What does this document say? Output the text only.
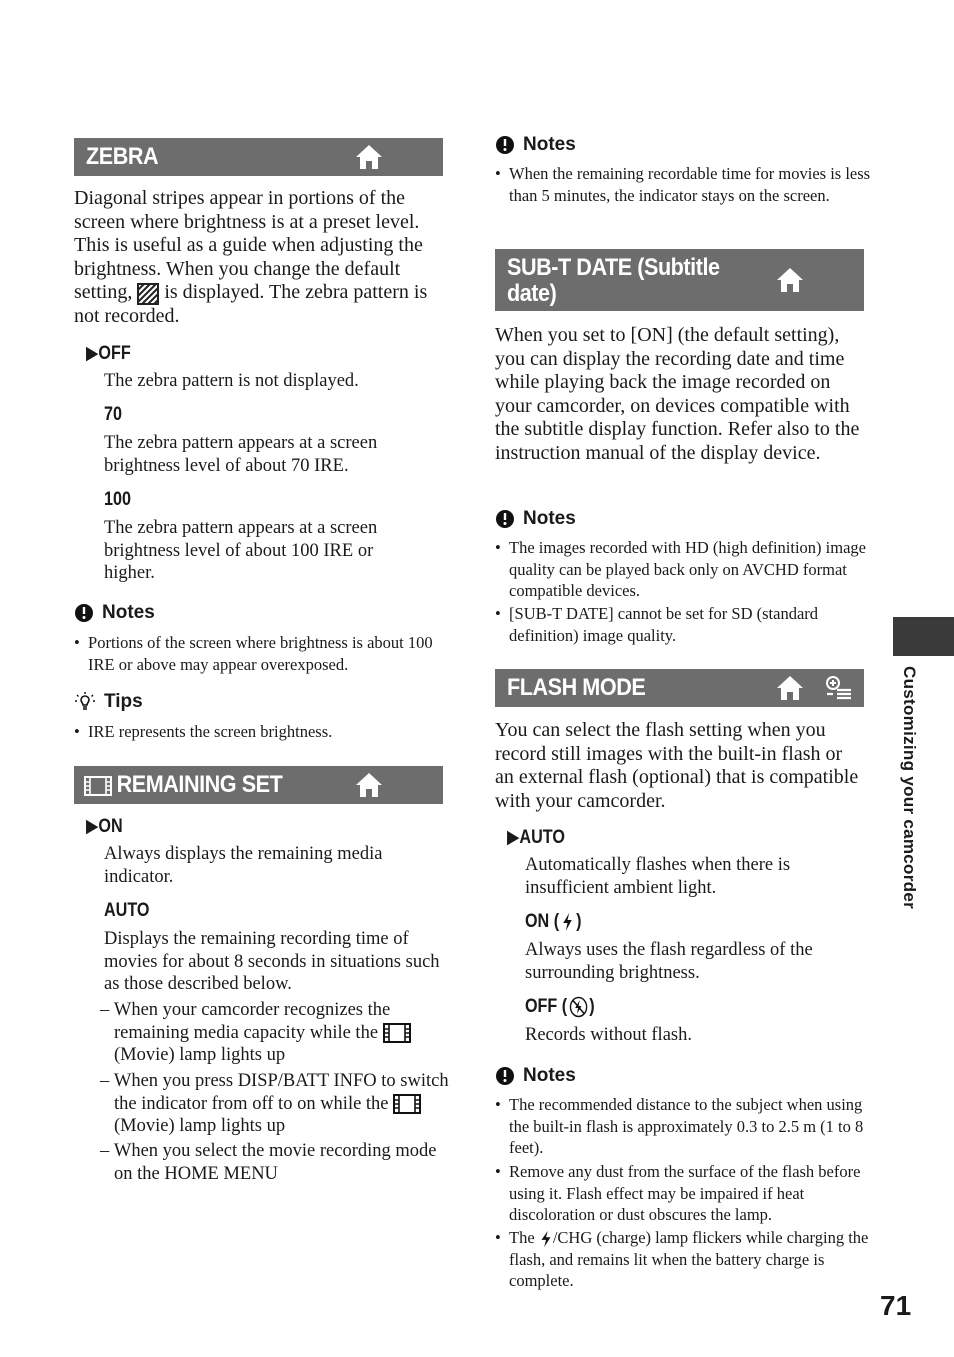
ZEBRA
Diagonal stripes appear in portions of the screen where brightness is at a preset level. This is useful as a guide when adjusting the brightness. When you change the default setting, is displayed. The zebra pattern is not recorded.
▶OFF
The zebra pattern is not displayed.
70
The zebra pattern appears at a screen brightness level of about 70 IRE.
100
The zebra pattern appears at a screen brightness level of about 100 IRE or higher.
Notes
•  Portions of the screen where brightness is about 100 IRE or above may appear overexposed.
Tips
•  IRE represents the screen brightness.
REMAINING SET
▶ON
Always displays the remaining media indicator.
AUTO
Displays the remaining recording time of movies for about 8 seconds in situations such as those described below.
– When your camcorder recognizes the remaining media capacity while the  (Movie) lamp lights up
– When you press DISP/BATT INFO to switch the indicator from off to on while the  (Movie) lamp lights up
– When you select the movie recording mode on the HOME MENU
Notes
•  When the remaining recordable time for movies is less than 5 minutes, the indicator stays on the screen.
SUB-T DATE (Subtitle
date)
When you set to [ON] (the default setting), you can display the recording date and time while playing back the image recorded on your camcorder, on devices compatible with the subtitle display function. Refer also to the instruction manual of the display device.
Notes
•  The images recorded with HD (high definition) image quality can be played back only on AVCHD format compatible devices.
•  [SUB-T DATE] cannot be set for SD (standard definition) image quality.
FLASH MODE
You can select the flash setting when you record still images with the built-in flash or an external flash (optional) that is compatible with your camcorder.
▶AUTO
Automatically flashes when there is insufficient ambient light.
ON ( )
Always uses the flash regardless of the surrounding brightness.
OFF ( )
Records without flash.
Notes
•  The recommended distance to the subject when using the built-in flash is approximately 0.3 to 2.5 m (1 to 8 feet).
•  Remove any dust from the surface of the flash before using it. Flash effect may be impaired if heat discoloration or dust obscures the lamp.
•  The /CHG (charge) lamp flickers while charging the flash, and remains lit when the battery charge is complete.
Customizing your camcorder
71
